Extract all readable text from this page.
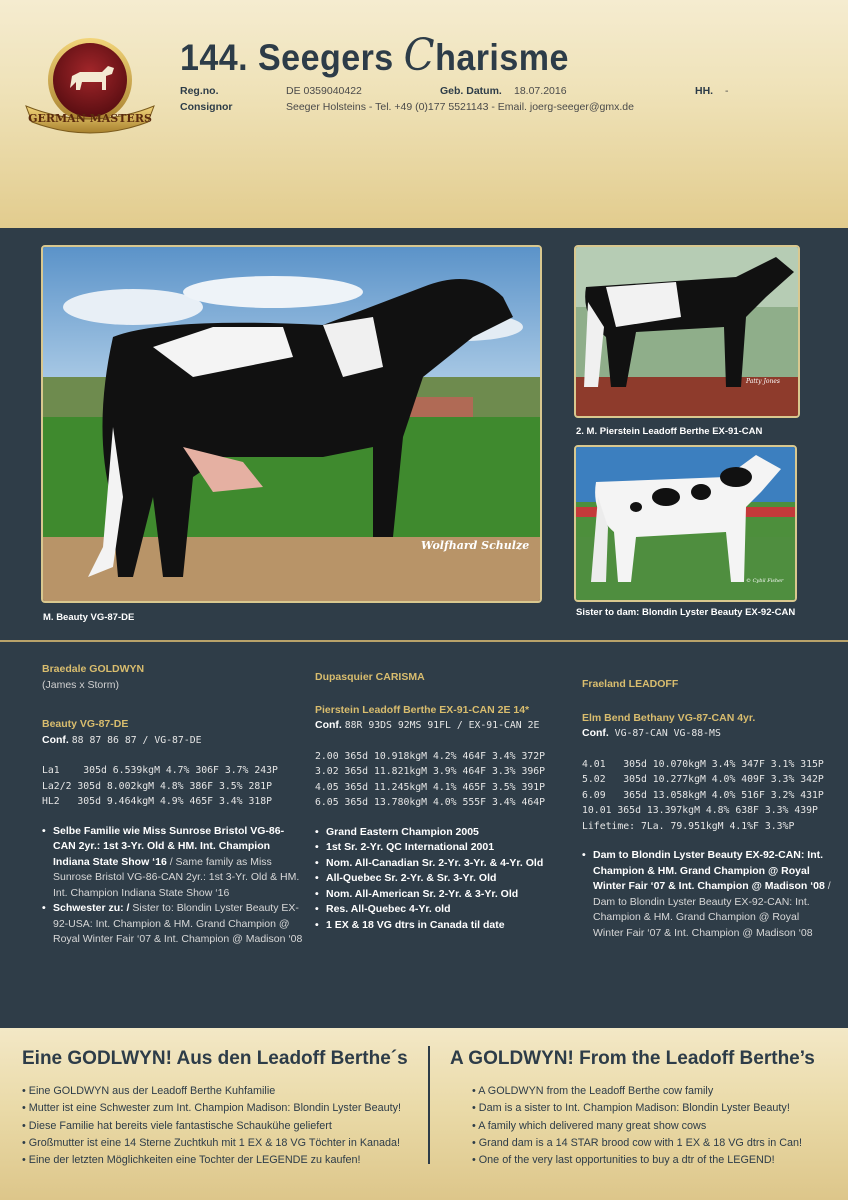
GERMAN MASTERS
144. Seegers Charisme
Reg.no.	DE 0359040422	Geb. Datum. 18.07.2016	HH. -
Consignor	Seeger Holsteins - Tel. +49 (0)177 5521143 - Email. joerg-seeger@gmx.de
Wolfhard Schulze
M. Beauty VG-87-DE
Patty Jones
2. M. Pierstein Leadoff Berthe EX-91-CAN
© Cybil Fisher
Sister to dam: Blondin Lyster Beauty EX-92-CAN
Braedale GOLDWYN
(James x Storm)
Beauty VG-87-DE
Conf. 88 87 86 87 / VG-87-DE
La1    305d 6.539kgM 4.7% 306F 3.7% 243P
La2/2 305d 8.002kgM 4.8% 386F 3.5% 281P
HL2   305d 9.464kgM 4.9% 465F 3.4% 318P
• Selbe Familie wie Miss Sunrose Bristol VG-86- CAN 2yr.: 1st 3-Yr. Old & HM. Int. Champion Indiana State Show ‘16 / Same family as Miss Sunrose Bristol VG-86-CAN 2yr.: 1st 3-Yr. Old & HM. Int. Champion Indiana State Show ‘16
• Schwester zu: / Sister to: Blondin Lyster Beauty EX-92-USA: Int. Champion & HM. Grand Champion @ Royal Winter Fair ‘07 & Int. Champion @ Madison ‘08
Dupasquier CARISMA
Pierstein Leadoff Berthe EX-91-CAN 2E 14*
Conf. 88R 93DS 92MS 91FL / EX-91-CAN 2E
2.00 365d 10.918kgM 4.2% 464F 3.4% 372P
3.02 365d 11.821kgM 3.9% 464F 3.3% 396P
4.05 365d 11.245kgM 4.1% 465F 3.5% 391P
6.05 365d 13.780kgM 4.0% 555F 3.4% 464P
• Grand Eastern Champion 2005
• 1st Sr. 2-Yr. QC International 2001
• Nom. All-Canadian Sr. 2-Yr. 3-Yr. & 4-Yr. Old
• All-Quebec Sr. 2-Yr. & Sr. 3-Yr. Old
• Nom. All-American Sr. 2-Yr. & 3-Yr. Old
• Res. All-Quebec 4-Yr. old
• 1 EX & 18 VG dtrs in Canada til date
Fraeland LEADOFF
Elm Bend Bethany VG-87-CAN 4yr.
Conf. VG-87-CAN VG-88-MS
4.01   305d 10.070kgM 3.4% 347F 3.1% 315P
5.02   305d 10.277kgM 4.0% 409F 3.3% 342P
6.09   365d 13.058kgM 4.0% 516F 3.2% 431P
10.01 365d 13.397kgM 4.8% 638F 3.3% 439P
Lifetime: 7La. 79.951kgM 4.1%F 3.3%P
• Dam to Blondin Lyster Beauty EX-92-CAN: Int. Champion & HM. Grand Champion @ Royal Winter Fair ‘07 & Int. Champion @ Madison ‘08 / Dam to Blondin Lyster Beauty EX-92-CAN: Int. Champion & HM. Grand Champion @ Royal Winter Fair ‘07 & Int. Champion @ Madison ‘08
Eine GODLWYN! Aus den Leadoff Berthe´s
• Eine GOLDWYN aus der Leadoff Berthe Kuhfamilie
• Mutter ist eine Schwester zum Int. Champion Madison: Blondin Lyster Beauty!
• Diese Familie hat bereits viele fantastische Schaukühe geliefert
• Großmutter ist eine 14 Sterne Zuchtkuh mit 1 EX & 18 VG Töchter in Kanada!
• Eine der letzten Möglichkeiten eine Tochter der LEGENDE zu kaufen!
A GOLDWYN! From the Leadoff Berthe’s
• A GOLDWYN from the Leadoff Berthe cow family
• Dam is a sister to Int. Champion Madison: Blondin Lyster Beauty!
• A family which delivered many great show cows
• Grand dam is a 14 STAR brood cow with 1 EX & 18 VG dtrs in Can!
• One of the very last opportunities to buy a dtr of the LEGEND!
